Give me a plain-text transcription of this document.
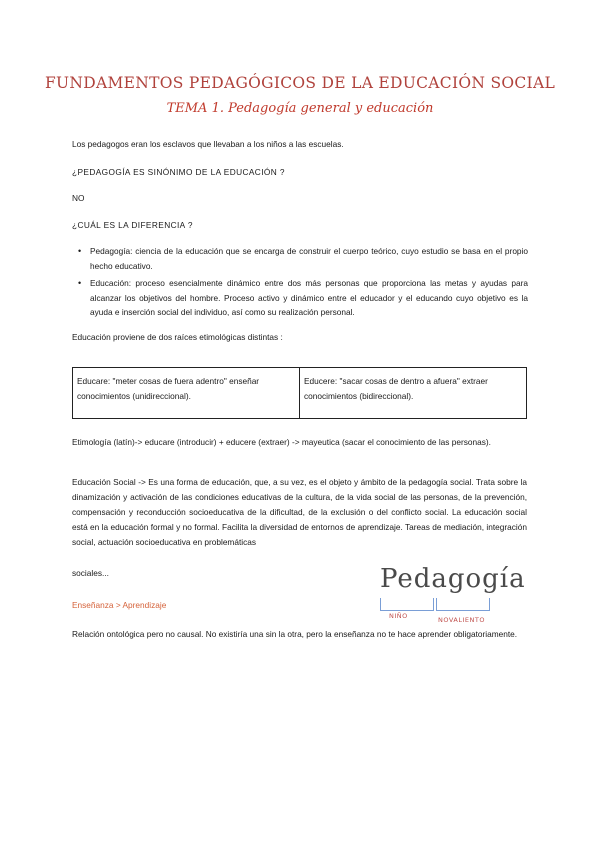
FUNDAMENTOS PEDAGÓGICOS DE LA EDUCACIÓN SOCIAL
TEMA 1. Pedagogía general y educación
Los pedagogos eran los esclavos que llevaban a los niños a las escuelas.
¿PEDAGOGÍA ES SINÓNIMO DE LA EDUCACIÓN ?
NO
¿CUÁL ES LA DIFERENCIA ?
• Pedagogía: ciencia de la educación que se encarga de construir el cuerpo teórico, cuyo estudio se basa en el propio hecho educativo.
• Educación: proceso esencialmente dinámico entre dos más personas que proporciona las metas y ayudas para alcanzar los objetivos del hombre. Proceso activo y dinámico entre el educador y el educando cuyo objetivo es la ayuda e inserción social del individuo, así como su realización personal.
Educación proviene de dos raíces etimológicas distintas :
Educare: "meter cosas de fuera adentro" enseñar conocimientos (unidireccional).	Educere: "sacar cosas de dentro a afuera" extraer conocimientos (bidireccional).
Etimología (latín)-> educare (introducir) + educere (extraer) -> mayeutica (sacar el conocimiento de las personas).
Educación Social -> Es una forma de educación, que, a su vez, es el objeto y ámbito de la pedagogía social. Trata sobre la dinamización y activación de las condiciones educativas de la cultura, de la vida social de las personas, de la prevención, compensación y reconducción socioeducativa de la dificultad, de la exclusión o del conflicto social. La educación social está en la educación formal y no formal. Facilita la diversidad de entornos de aprendizaje. Tareas de mediación, integración social, actuación socioeducativa en problemáticas
sociales...
Enseñanza > Aprendizaje
Pedagogía
NIÑO	NOVALIENTO
Relación ontológica pero no causal. No existiría una sin la otra, pero la enseñanza no te hace aprender obligatoriamente.
